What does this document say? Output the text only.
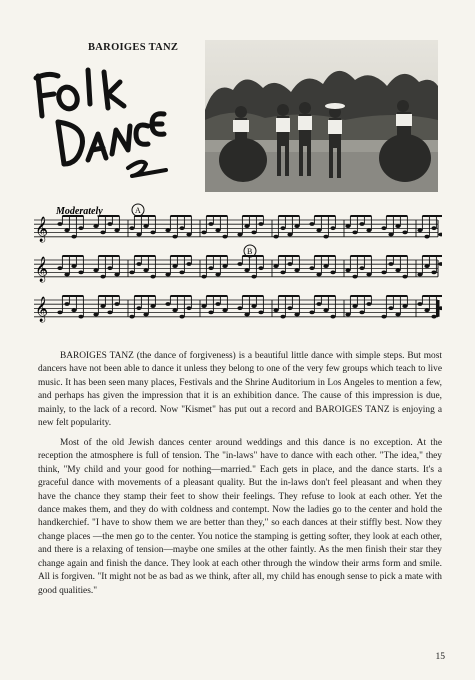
BAROIGES TANZ
Moderately	A
B
𝄞
𝄞
𝄞

BAROIGES TANZ (the dance of forgiveness) is a beautiful little dance with simple steps. But most dancers have not been able to dance it unless they belong to one of the very few groups which teach to live music. It has been seen many places, Festivals and the Shrine Auditorium in Los Angeles to mention a few, and perhaps has given the impression that it is an exhibition dance. The cause of this impression is due, mainly, to the lack of a record. Now "Kismet" has put out a record and BAROIGES TANZ is enjoying a new felt popularity.

Most of the old Jewish dances center around weddings and this dance is no exception. At the reception the atmosphere is full of tension. The "in-laws" have to dance with each other. "The idea," they think, "My child and your good for nothing—married." Each gets in place, and the dance starts. It's a graceful dance with movements of a pleasant quality. But the in-laws don't feel pleasant and when they have the chance they stamp their feet to show their feelings. They refuse to look at each other. Yet the dance makes them, and they do with coldness and contempt. Now the ladies go to the center and hold the handkerchief. "I have to show them we are better than they," so each dances at their stiffly best. Now they change places —the men go to the center. You notice the stamping is getting softer, they look at each other, and there is a relaxing of tension—maybe one smiles at the other faintly. As the men finish their star they change again and finish the dance. They look at each other through the window their arms form and smile. All is forgiven. "It might not be as bad as we think, after all, my child has enough sense to pick a mate with good qualities."

15
